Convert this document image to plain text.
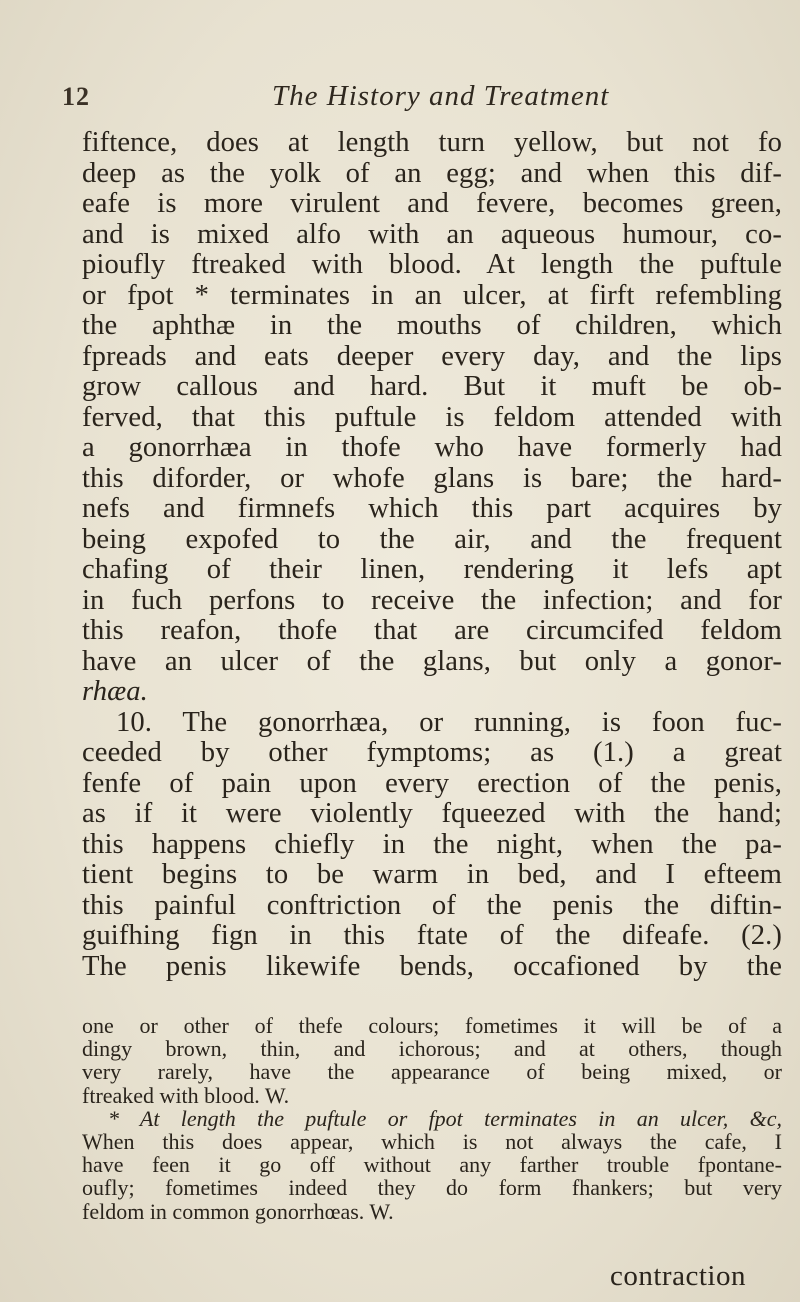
12	The History and Treatment
fiftence, does at length turn yellow, but not fo
deep as the yolk of an egg; and when this dif-
eafe is more virulent and fevere, becomes green,
and is mixed alfo with an aqueous humour, co-
pioufly ftreaked with blood. At length the puftule
or fpot * terminates in an ulcer, at firft refembling
the aphthæ in the mouths of children, which
fpreads and eats deeper every day, and the lips
grow callous and hard. But it muft be ob-
ferved, that this puftule is feldom attended with
a gonorrhæa in thofe who have formerly had
this diforder, or whofe glans is bare; the hard-
nefs and firmnefs which this part acquires by
being expofed to the air, and the frequent
chafing of their linen, rendering it lefs apt
in fuch perfons to receive the infection; and for
this reafon, thofe that are circumcifed feldom
have an ulcer of the glans, but only a gonor-
rhæa.
10. The gonorrhæa, or running, is foon fuc-
ceeded by other fymptoms; as (1.) a great
fenfe of pain upon every erection of the penis,
as if it were violently fqueezed with the hand;
this happens chiefly in the night, when the pa-
tient begins to be warm in bed, and I efteem
this painful conftriction of the penis the diftin-
guifhing fign in this ftate of the difeafe. (2.)
The penis likewife bends, occafioned by the
one or other of thefe colours; fometimes it will be of a
dingy brown, thin, and ichorous; and at others, though
very rarely, have the appearance of being mixed, or
ftreaked with blood. W.
* At length the puftule or fpot terminates in an ulcer, &c,
When this does appear, which is not always the cafe, I
have feen it go off without any farther trouble fpontane-
oufly; fometimes indeed they do form fhankers; but very
feldom in common gonorrhœas. W.
contraction
